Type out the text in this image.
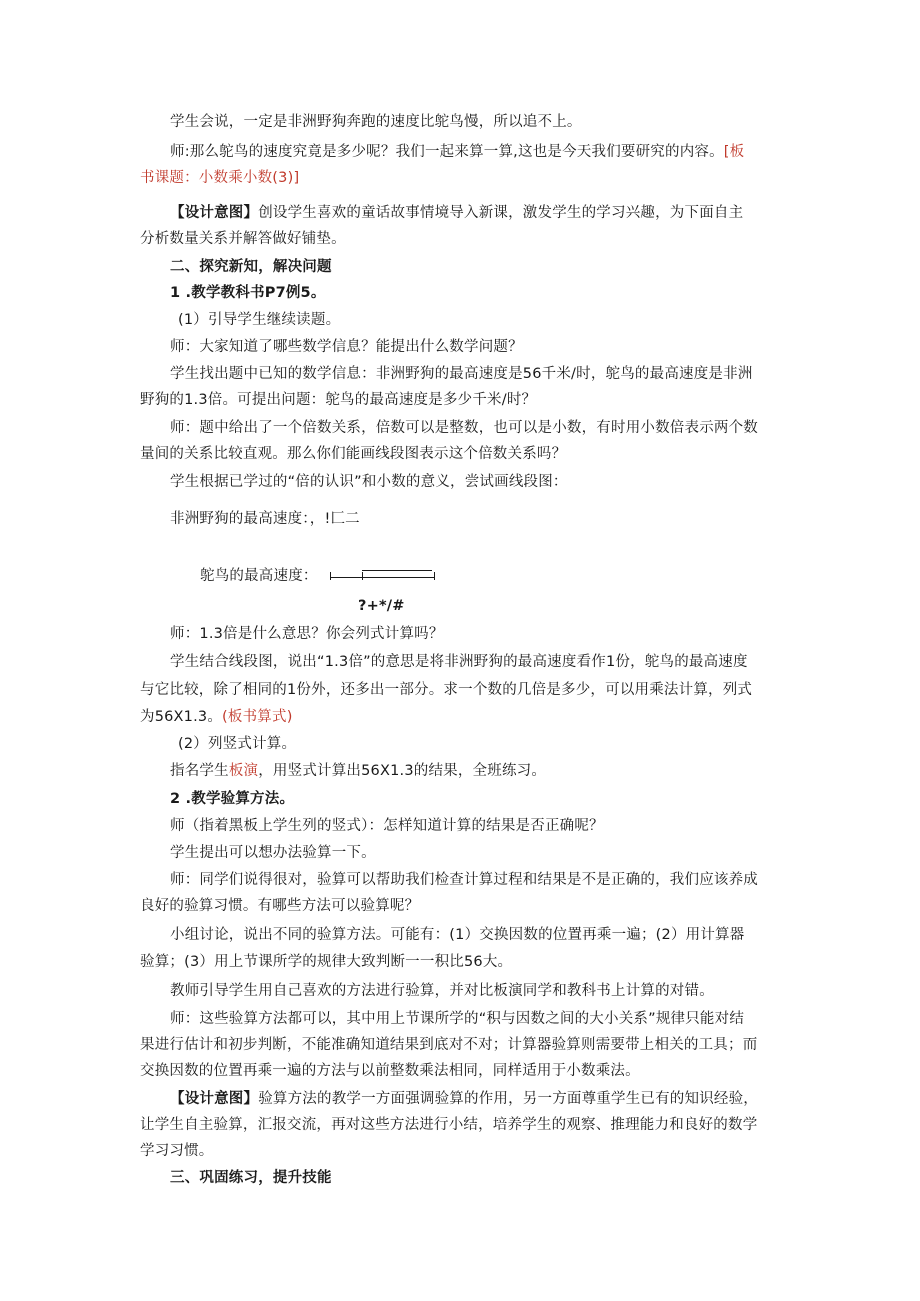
学生会说，一定是非洲野狗奔跑的速度比鸵鸟慢，所以追不上。
师:那么鸵鸟的速度究竟是多少呢？我们一起来算一算,这也是今天我们要研究的内容。[板
书课题：小数乘小数(3)]
【设计意图】创设学生喜欢的童话故事情境导入新课，激发学生的学习兴趣，为下面自主
分析数量关系并解答做好铺垫。
二、探究新知，解决问题
1 .教学教科书P7例5。
(1）引导学生继续读题。
师：大家知道了哪些数学信息？能提出什么数学问题？
学生找出题中已知的数学信息：非洲野狗的最高速度是56千米/时，鸵鸟的最高速度是非洲
野狗的1.3倍。可提出问题：鸵鸟的最高速度是多少千米/时？
师：题中给出了一个倍数关系，倍数可以是整数，也可以是小数，有时用小数倍表示两个数
量间的关系比较直观。那么你们能画线段图表示这个倍数关系吗？
学生根据已学过的“倍的认识”和小数的意义，尝试画线段图：
非洲野狗的最高速度：，!匚二
鸵鸟的最高速度：
?+*/#
师：1.3倍是什么意思？你会列式计算吗？
学生结合线段图，说出“1.3倍”的意思是将非洲野狗的最高速度看作1份，鸵鸟的最高速度
与它比较，除了相同的1份外，还多出一部分。求一个数的几倍是多少，可以用乘法计算，列式
为56X1.3。(板书算式)
(2）列竖式计算。
指名学生板演，用竖式计算出56X1.3的结果，全班练习。
2 .教学验算方法。
师（指着黑板上学生列的竖式）：怎样知道计算的结果是否正确呢？
学生提出可以想办法验算一下。
师：同学们说得很对，验算可以帮助我们检查计算过程和结果是不是正确的，我们应该养成
良好的验算习惯。有哪些方法可以验算呢？
小组讨论，说出不同的验算方法。可能有：(1）交换因数的位置再乘一遍；(2）用计算器
验算；(3）用上节课所学的规律大致判断一一积比56大。
教师引导学生用自己喜欢的方法进行验算，并对比板演同学和教科书上计算的对错。
师：这些验算方法都可以，其中用上节课所学的“积与因数之间的大小关系”规律只能对结
果进行估计和初步判断，不能准确知道结果到底对不对；计算器验算则需要带上相关的工具；而
交换因数的位置再乘一遍的方法与以前整数乘法相同，同样适用于小数乘法。
【设计意图】验算方法的教学一方面强调验算的作用，另一方面尊重学生已有的知识经验，
让学生自主验算，汇报交流，再对这些方法进行小结，培养学生的观察、推理能力和良好的数学
学习习惯。
三、巩固练习，提升技能
